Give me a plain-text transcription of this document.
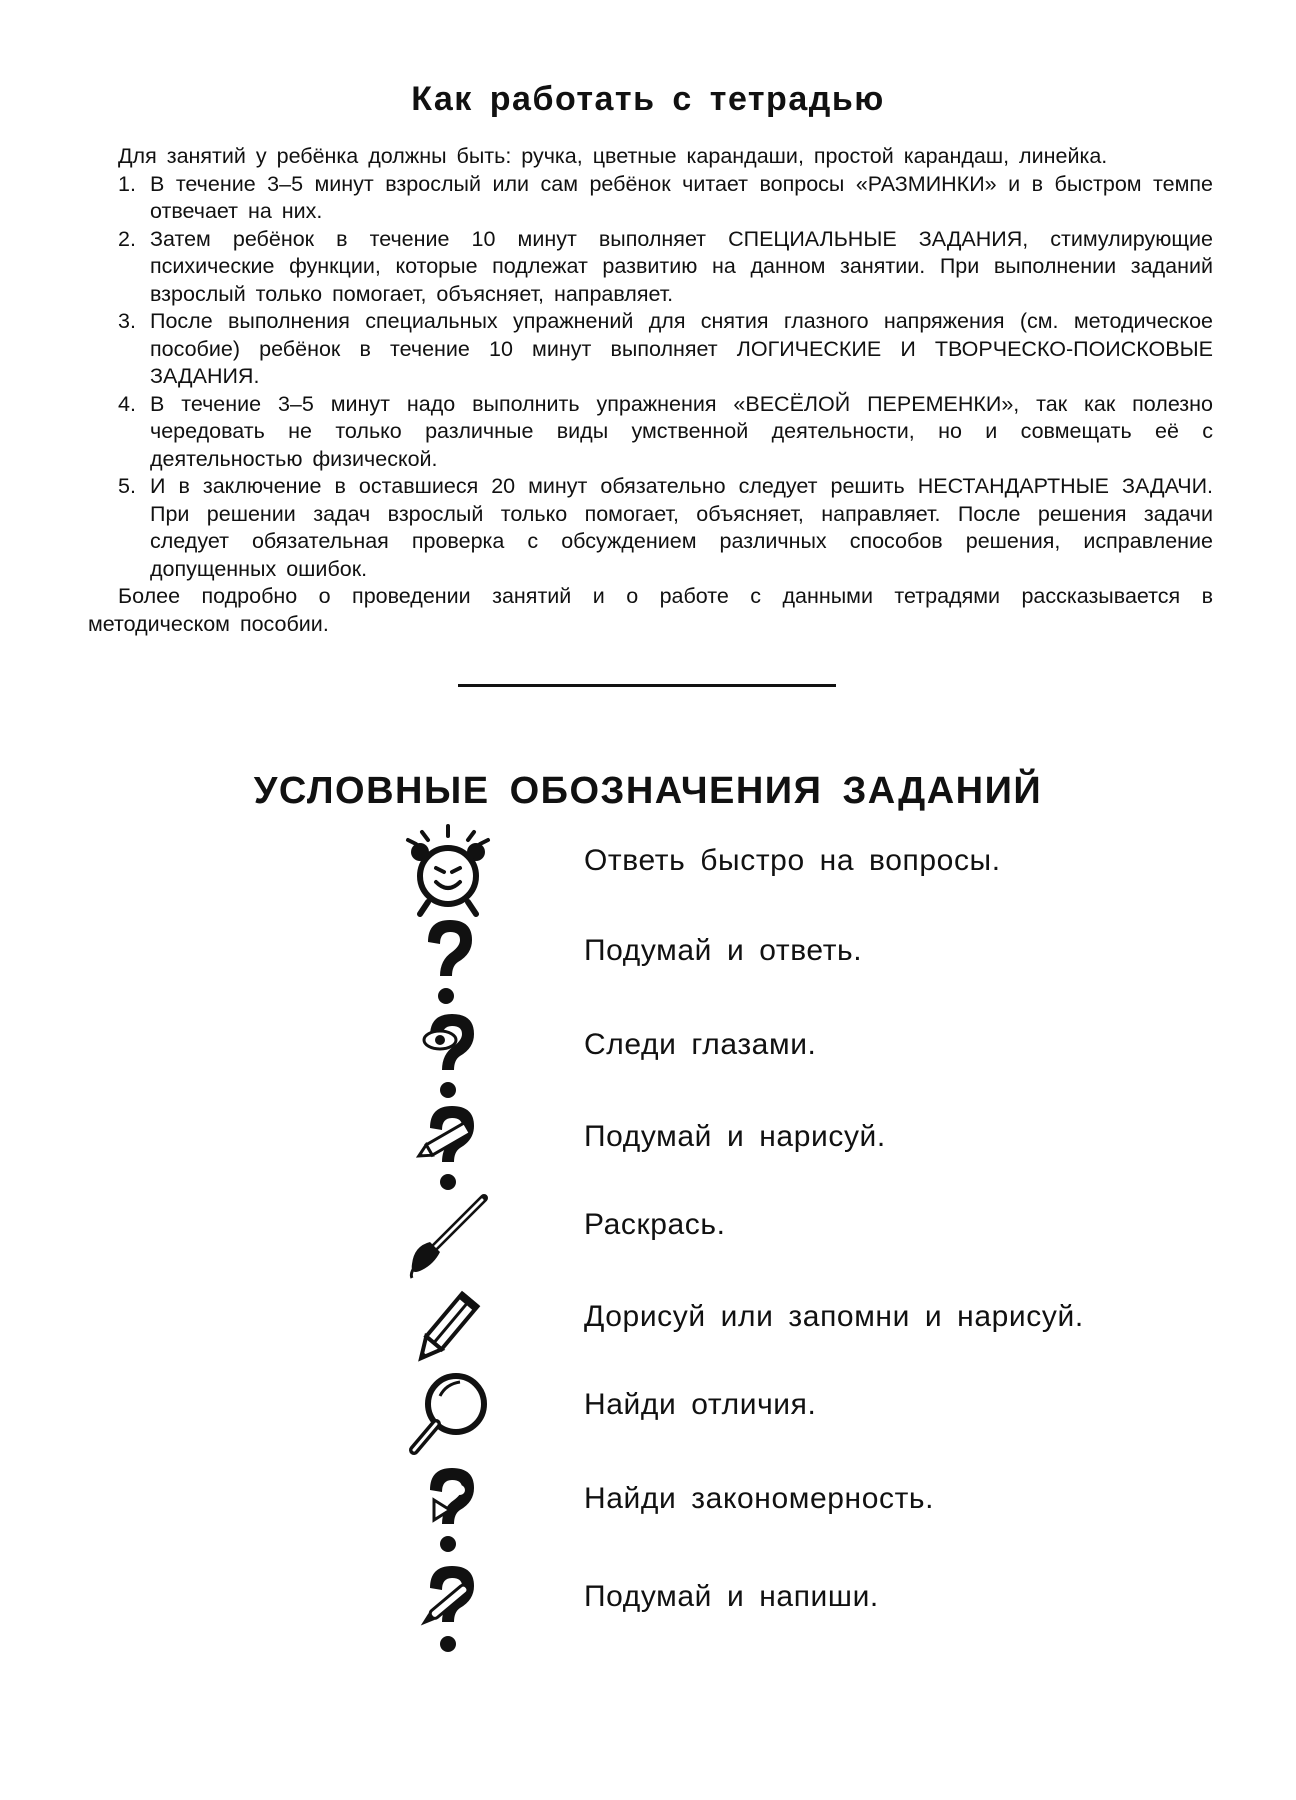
Как работать с тетрадью
Для занятий у ребёнка должны быть: ручка, цветные карандаши, простой карандаш, линейка.
1. В течение 3–5 минут взрослый или сам ребёнок читает вопросы «РАЗМИНКИ» и в быстром темпе отвечает на них.
2. Затем ребёнок в течение 10 минут выполняет СПЕЦИАЛЬНЫЕ ЗАДАНИЯ, стимулирующие психические функции, которые подлежат развитию на данном занятии. При выполнении заданий взрослый только помогает, объясняет, направляет.
3. После выполнения специальных упражнений для снятия глазного напряжения (см. методическое пособие) ребёнок в течение 10 минут выполняет ЛОГИЧЕСКИЕ И ТВОРЧЕСКО-ПОИСКОВЫЕ ЗАДАНИЯ.
4. В течение 3–5 минут надо выполнить упражнения «ВЕСЁЛОЙ ПЕРЕМЕНКИ», так как полезно чередовать не только различные виды умственной деятельности, но и совмещать её с деятельностью физической.
5. И в заключение в оставшиеся 20 минут обязательно следует решить НЕСТАНДАРТНЫЕ ЗАДАЧИ. При решении задач взрослый только помогает, объясняет, направляет. После решения задачи следует обязательная проверка с обсуждением различных способов решения, исправление допущенных ошибок.
Более подробно о проведении занятий и о работе с данными тетрадями рассказывается в методическом пособии.
УСЛОВНЫЕ ОБОЗНАЧЕНИЯ ЗАДАНИЙ
Ответь быстро на вопросы.
Подумай и ответь.
Следи глазами.
Подумай и нарисуй.
Раскрась.
Дорисуй или запомни и нарисуй.
Найди отличия.
Найди закономерность.
Подумай и напиши.
